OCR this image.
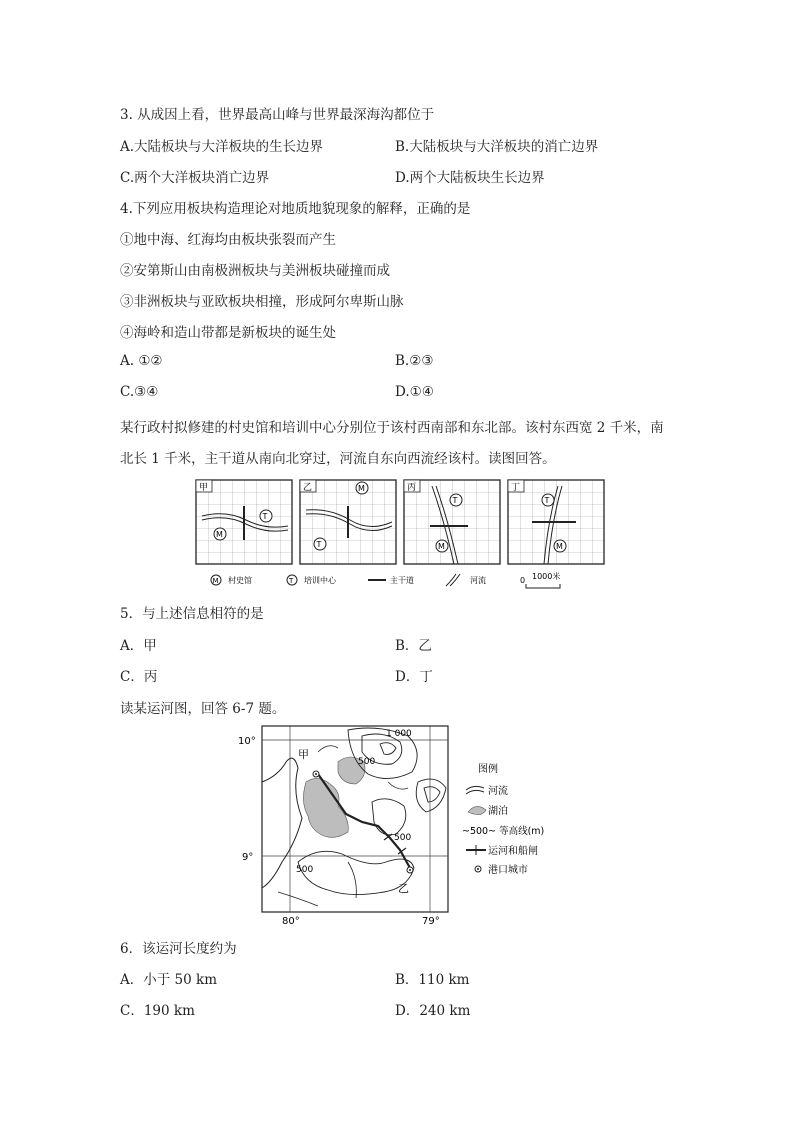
3. 从成因上看，世界最高山峰与世界最深海沟都位于
A.大陆板块与大洋板块的生长边界	B.大陆板块与大洋板块的消亡边界
C.两个大洋板块消亡边界	D.两个大陆板块生长边界
4.下列应用板块构造理论对地质地貌现象的解释，正确的是
①地中海、红海均由板块张裂而产生
②安第斯山由南极洲板块与美洲板块碰撞而成
③非洲板块与亚欧板块相撞，形成阿尔卑斯山脉
④海岭和造山带都是新板块的诞生处
A. ①②	B.②③
C.③④	D.①④
某行政村拟修建的村史馆和培训中心分别位于该村西南部和东北部。该村东西宽 2 千米，南
北长 1 千米，主干道从南向北穿过，河流自东向西流经该村。读图回答。
甲
T
M
乙	M
T
丙
T
M
丁
T
M
M 村史馆	T 培训中心	主干道	河流	0 1000米
5．与上述信息相符的是
A．甲	B．乙
C．丙	D．丁
读某运河图，回答 6-7 题。
10°
9°
80°	79°
甲
乙
1 000
500
500
500
图例
河流
湖泊
~500~ 等高线(m)
运河和船闸
港口城市
6．该运河长度约为
A．小于 50 km	B．110 km
C．190 km	D．240 km
